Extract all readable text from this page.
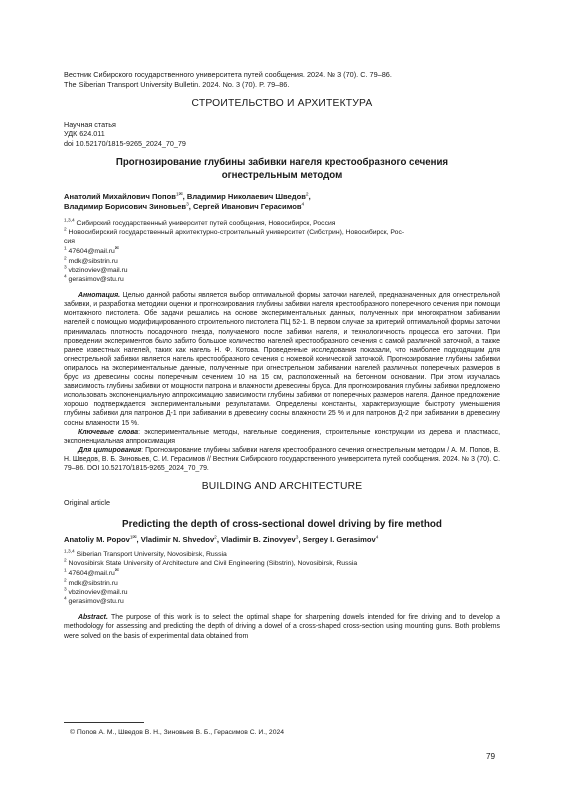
Вестник Сибирского государственного университета путей сообщения. 2024. № 3 (70). С. 79–86.
The Siberian Transport University Bulletin. 2024. No. 3 (70). P. 79–86.
СТРОИТЕЛЬСТВО И АРХИТЕКТУРА
Научная статья
УДК 624.011
doi 10.52170/1815-9265_2024_70_79
Прогнозирование глубины забивки нагеля крестообразного сечения
огнестрельным методом
Анатолий Михайлович Попов$^{1✉}$, Владимир Николаевич Шведов$^2$,
Владимир Борисович Зиновьев$^3$, Сергей Иванович Герасимов$^4$
$^{1,3,4}$ Сибирский государственный университет путей сообщения, Новосибирск, Россия
$^2$ Новосибирский государственный архитектурно-строительный университет (Сибстрин), Новосибирск, Рос-
сия
$^1$ 47604@mail.ru✉
$^2$ mdk@sibstrin.ru
$^3$ vbzinoviev@mail.ru
$^4$ gerasimov@stu.ru
Аннотация. Целью данной работы является выбор оптимальной формы заточки нагелей, предназначенных для огнестрельной забивки, и разработка методики оценки и прогнозирования глубины забивки нагеля крестообразного поперечного сечения при помощи монтажного пистолета. Обе задачи решались на основе экспериментальных данных, полученных при многократном забивании нагелей с помощью модифицированного строительного пистолета ПЦ 52-1. В первом случае за критерий оптимальной формы заточки принималась плотность посадочного гнезда, получаемого после забивки нагеля, и технологичность процесса его заточки. При проведении экспериментов было забито большое количество нагелей крестообразного сечения с самой различной заточкой, а также ранее известных нагелей, таких как нагель Н. Ф. Котова. Проведенные исследования показали, что наиболее подходящим для огнестрельной забивки является нагель крестообразного сечения с ножевой конической заточкой. Прогнозирование глубины забивки опиралось на экспериментальные данные, полученные при огнестрельном забивании нагелей различных поперечных размеров в брус из древесины сосны поперечным сечением 10 на 15 см, расположенный на бетонном основании. При этом изучалась зависимость глубины забивки от мощности патрона и влажности древесины бруса. Для прогнозирования глубины забивки предложено использовать экспоненциальную аппроксимацию зависимости глубины забивки от поперечных размеров нагеля. Данное предложение хорошо подтверждается экспериментальными результатами. Определены константы, характеризующие быстроту уменьшения глубины забивки для патронов Д-1 при забивании в древесину сосны влажности 25 % и для патронов Д-2 при забивании в древесину сосны влажности 15 %.
Ключевые слова: экспериментальные методы, нагельные соединения, строительные конструкции из дерева и пластмасс, экспоненциальная аппроксимация
Для цитирования: Прогнозирование глубины забивки нагеля крестообразного сечения огнестрельным методом / А. М. Попов, В. Н. Шведов, В. Б. Зиновьев, С. И. Герасимов // Вестник Сибирского государственного университета путей сообщения. 2024. № 3 (70). С. 79–86. DOI 10.52170/1815-9265_2024_70_79.
BUILDING AND ARCHITECTURE
Original article
Predicting the depth of cross-sectional dowel driving by fire method
Anatoliy M. Popov$^{1✉}$, Vladimir N. Shvedov$^2$, Vladimir B. Zinovyev$^3$, Sergey I. Gerasimov$^4$
$^{1,3,4}$ Siberian Transport University, Novosibirsk, Russia
$^2$ Novosibirsk State University of Architecture and Civil Engineering (Sibstrin), Novosibirsk, Russia
$^1$ 47604@mail.ru✉
$^2$ mdk@sibstrin.ru
$^3$ vbzinoviev@mail.ru
$^4$ gerasimov@stu.ru
Abstract. The purpose of this work is to select the optimal shape for sharpening dowels intended for fire driving and to develop a methodology for assessing and predicting the depth of driving a dowel of a cross-shaped cross-section using mounting guns. Both problems were solved on the basis of experimental data obtained from
© Попов А. М., Шведов В. Н., Зиновьев В. Б., Герасимов С. И., 2024
79
